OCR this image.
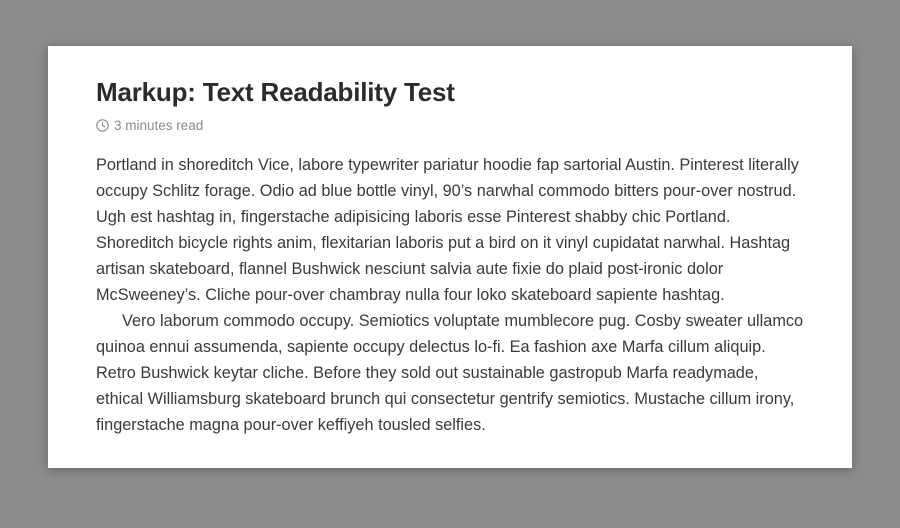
Markup: Text Readability Test
3 minutes read

Portland in shoreditch Vice, labore typewriter pariatur hoodie fap sartorial Austin. Pinterest literally occupy Schlitz forage. Odio ad blue bottle vinyl, 90’s narwhal commodo bitters pour-over nostrud. Ugh est hashtag in, fingerstache adipisicing laboris esse Pinterest shabby chic Portland. Shoreditch bicycle rights anim, flexitarian laboris put a bird on it vinyl cupidatat narwhal. Hashtag artisan skateboard, flannel Bushwick nesciunt salvia aute fixie do plaid post-ironic dolor McSweeney’s. Cliche pour-over chambray nulla four loko skateboard sapiente hashtag.

Vero laborum commodo occupy. Semiotics voluptate mumblecore pug. Cosby sweater ullamco quinoa ennui assumenda, sapiente occupy delectus lo-fi. Ea fashion axe Marfa cillum aliquip. Retro Bushwick keytar cliche. Before they sold out sustainable gastropub Marfa readymade, ethical Williamsburg skateboard brunch qui consectetur gentrify semiotics. Mustache cillum irony, fingerstache magna pour-over keffiyeh tousled selfies.
